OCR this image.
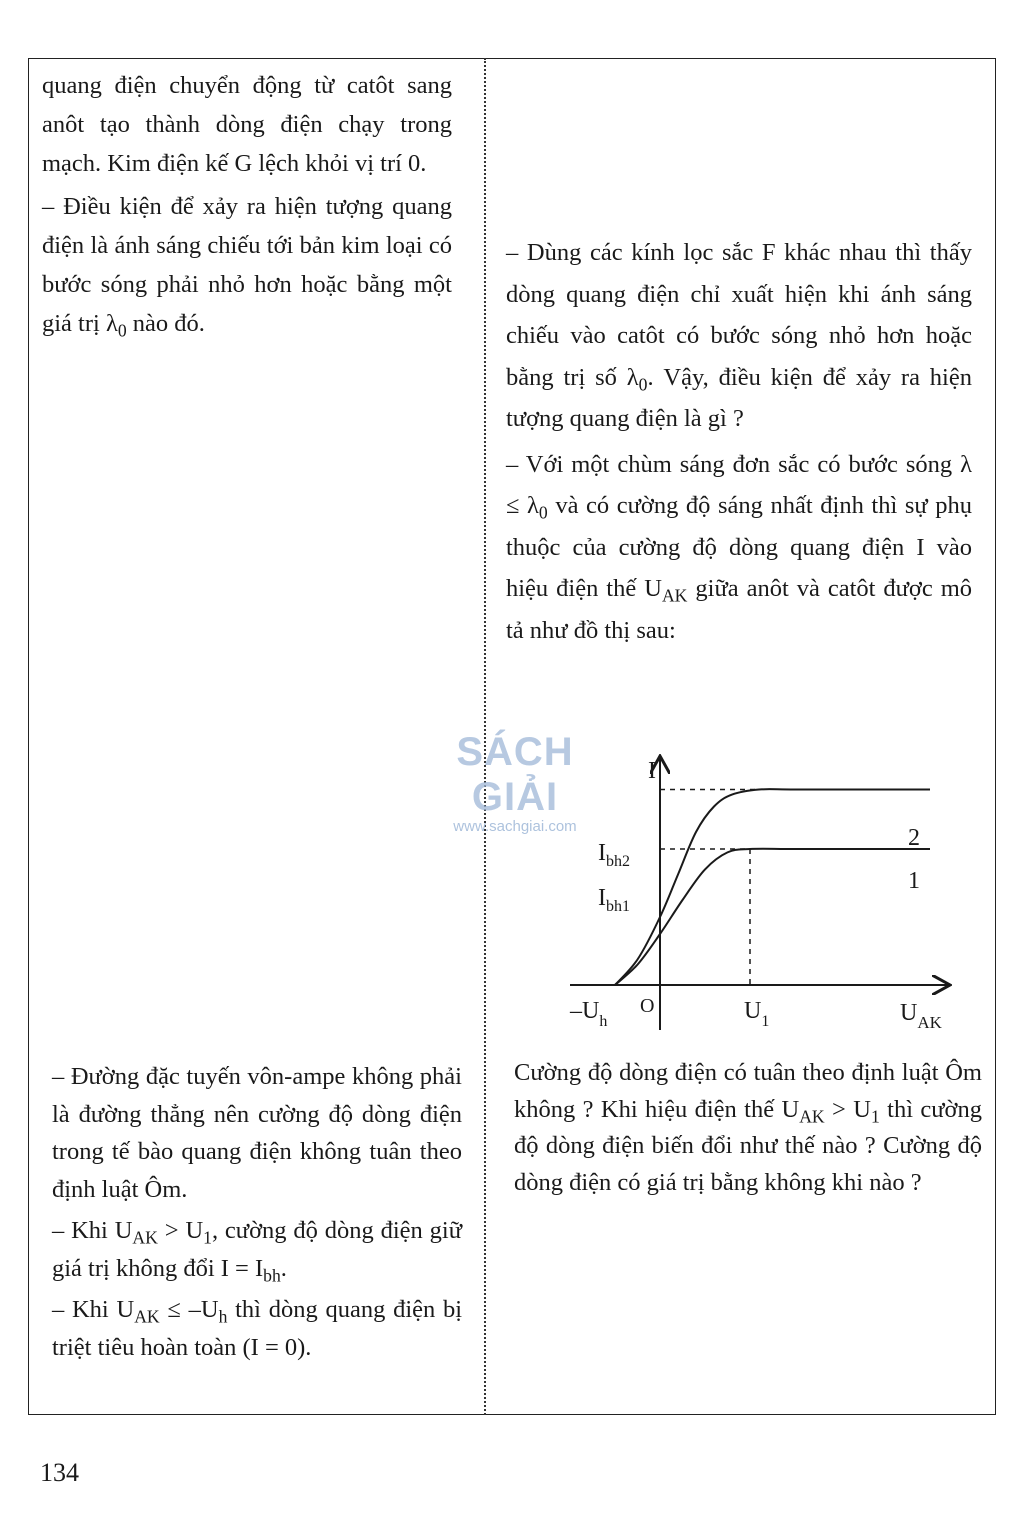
quang điện chuyển động từ catôt sang anôt tạo thành dòng điện chạy trong mạch. Kim điện kế G lệch khỏi vị trí 0.

– Điều kiện để xảy ra hiện tượng quang điện là ánh sáng chiếu tới bản kim loại có bước sóng phải nhỏ hơn hoặc bằng một giá trị $\lambda_0$ nào đó.

– Đường đặc tuyến vôn-ampe không phải là đường thẳng nên cường độ dòng điện trong tế bào quang điện không tuân theo định luật Ôm.

– Khi $U_{AK} > U_1$, cường độ dòng điện giữ giá trị không đổi $I = I_{bh}$.

– Khi $U_{AK} \le -U_h$ thì dòng quang điện bị triệt tiêu hoàn toàn (I = 0).

– Dùng các kính lọc sắc F khác nhau thì thấy dòng quang điện chỉ xuất hiện khi ánh sáng chiếu vào catôt có bước sóng nhỏ hơn hoặc bằng trị số $\lambda_0$. Vậy, điều kiện để xảy ra hiện tượng quang điện là gì ?

– Với một chùm sáng đơn sắc có bước sóng $\lambda \le \lambda_0$ và có cường độ sáng nhất định thì sự phụ thuộc của cường độ dòng quang điện I vào hiệu điện thế $U_{AK}$ giữa anôt và catôt được mô tả như đồ thị sau:

I
$I_{bh2}$
$I_{bh1}$
2
1
$-U_h$
O	$U_1$	$U_{AK}$
SÁCH GIẢI
www.sachgiai.com

Cường độ dòng điện có tuân theo định luật Ôm không ? Khi hiệu điện thế $U_{AK} > U_1$ thì cường độ dòng điện biến đổi như thế nào ? Cường độ dòng điện có giá trị bằng không khi nào ?

134
